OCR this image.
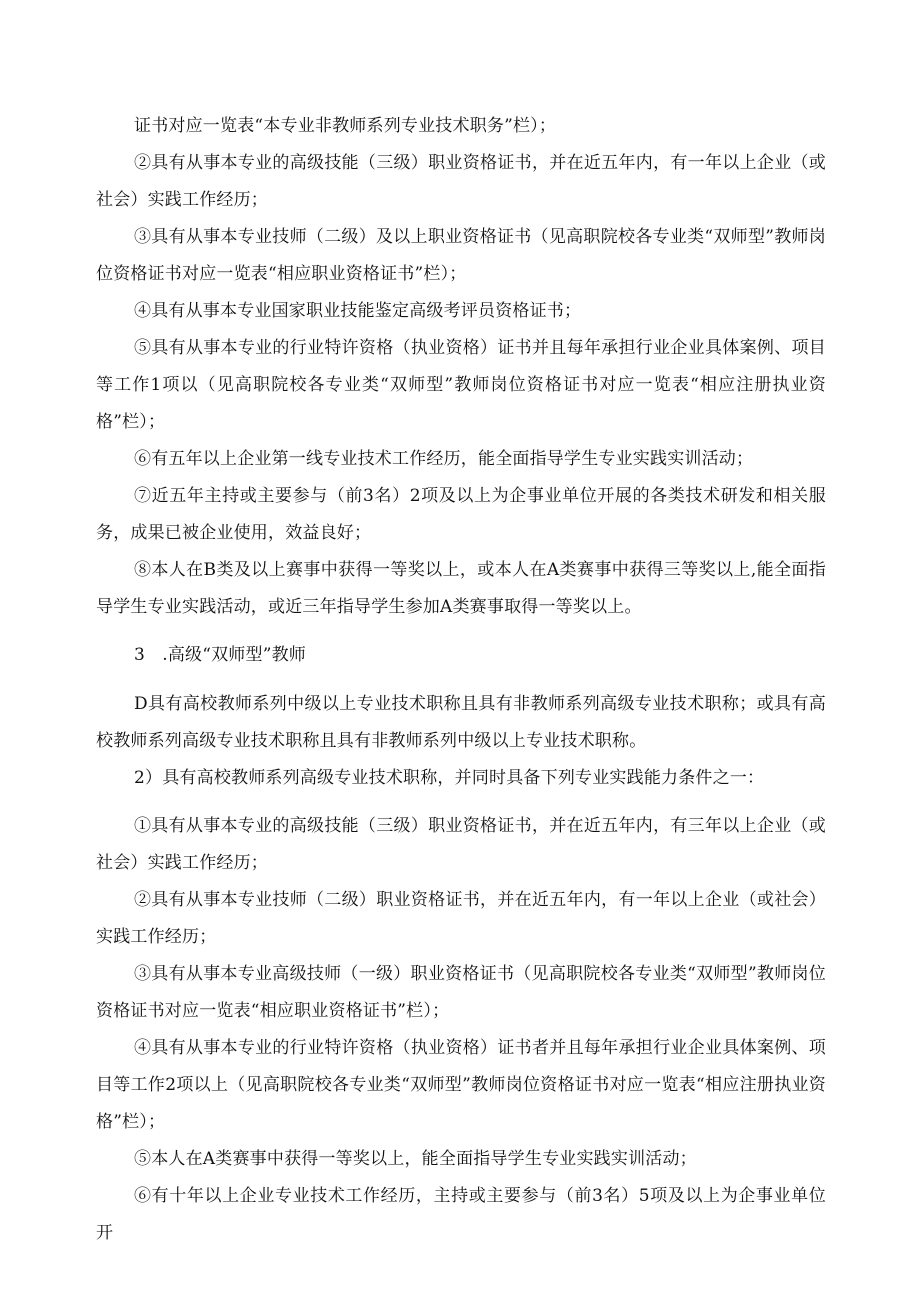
证书对应一览表“本专业非教师系列专业技术职务”栏）；

②具有从事本专业的高级技能（三级）职业资格证书，并在近五年内，有一年以上企业（或社会）实践工作经历；

③具有从事本专业技师（二级）及以上职业资格证书（见高职院校各专业类“双师型”教师岗位资格证书对应一览表“相应职业资格证书”栏）；

④具有从事本专业国家职业技能鉴定高级考评员资格证书；

⑤具有从事本专业的行业特许资格（执业资格）证书并且每年承担行业企业具体案例、项目等工作1项以（见高职院校各专业类“双师型”教师岗位资格证书对应一览表“相应注册执业资格”栏）；

⑥有五年以上企业第一线专业技术工作经历，能全面指导学生专业实践实训活动；

⑦近五年主持或主要参与（前3名）2项及以上为企事业单位开展的各类技术研发和相关服务，成果已被企业使用，效益良好；

⑧本人在B类及以上赛事中获得一等奖以上，或本人在A类赛事中获得三等奖以上,能全面指导学生专业实践活动，或近三年指导学生参加A类赛事取得一等奖以上。

3　.高级“双师型”教师

D具有高校教师系列中级以上专业技术职称且具有非教师系列高级专业技术职称；或具有高校教师系列高级专业技术职称且具有非教师系列中级以上专业技术职称。

2）具有高校教师系列高级专业技术职称，并同时具备下列专业实践能力条件之一：

①具有从事本专业的高级技能（三级）职业资格证书，并在近五年内，有三年以上企业（或社会）实践工作经历；

②具有从事本专业技师（二级）职业资格证书，并在近五年内，有一年以上企业（或社会）实践工作经历；

③具有从事本专业高级技师（一级）职业资格证书（见高职院校各专业类“双师型”教师岗位资格证书对应一览表“相应职业资格证书”栏）；

④具有从事本专业的行业特许资格（执业资格）证书者并且每年承担行业企业具体案例、项目等工作2项以上（见高职院校各专业类“双师型”教师岗位资格证书对应一览表“相应注册执业资格”栏）；

⑤本人在A类赛事中获得一等奖以上，能全面指导学生专业实践实训活动；

⑥有十年以上企业专业技术工作经历，主持或主要参与（前3名）5项及以上为企事业单位开
